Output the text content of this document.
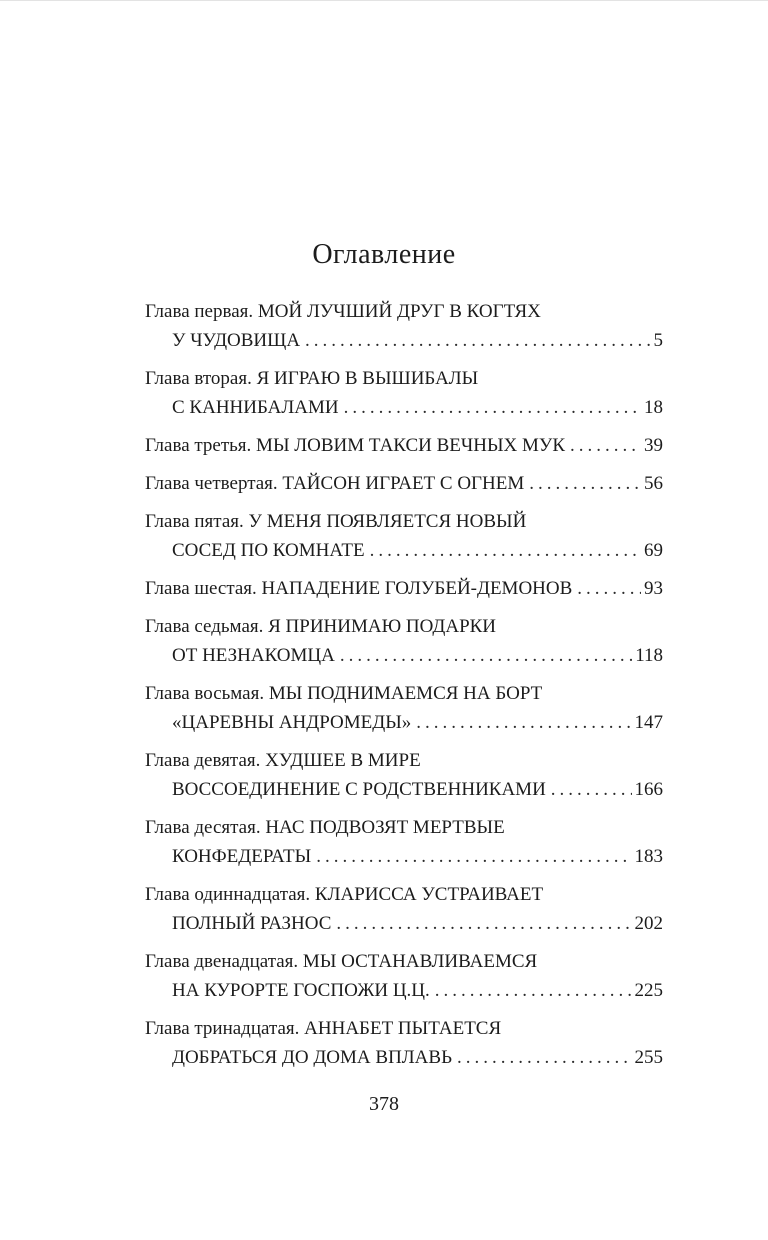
Оглавление
Глава первая. МОЙ ЛУЧШИЙ ДРУГ В КОГТЯХ
У ЧУДОВИЩА .....	5
Глава вторая. Я ИГРАЮ В ВЫШИБАЛЫ
С КАННИБАЛАМИ .....	18
Глава третья. МЫ ЛОВИМ ТАКСИ ВЕЧНЫХ МУК .....	39
Глава четвертая. ТАЙСОН ИГРАЕТ С ОГНЕМ .....	56
Глава пятая. У МЕНЯ ПОЯВЛЯЕТСЯ НОВЫЙ
СОСЕД ПО КОМНАТЕ .....	69
Глава шестая. НАПАДЕНИЕ ГОЛУБЕЙ-ДЕМОНОВ .....	93
Глава седьмая. Я ПРИНИМАЮ ПОДАРКИ
ОТ НЕЗНАКОМЦА .....	118
Глава восьмая. МЫ ПОДНИМАЕМСЯ НА БОРТ
«ЦАРЕВНЫ АНДРОМЕДЫ» .....	147
Глава девятая. ХУДШЕЕ В МИРЕ
ВОССОЕДИНЕНИЕ С РОДСТВЕННИКАМИ .....	166
Глава десятая. НАС ПОДВОЗЯТ МЕРТВЫЕ
КОНФЕДЕРАТЫ .....	183
Глава одиннадцатая. КЛАРИССА УСТРАИВАЕТ
ПОЛНЫЙ РАЗНОС .....	202
Глава двенадцатая. МЫ ОСТАНАВЛИВАЕМСЯ
НА КУРОРТЕ ГОСПОЖИ Ц.Ц. .....	225
Глава тринадцатая. АННАБЕТ ПЫТАЕТСЯ
ДОБРАТЬСЯ ДО ДОМА ВПЛАВЬ .....	255
378
